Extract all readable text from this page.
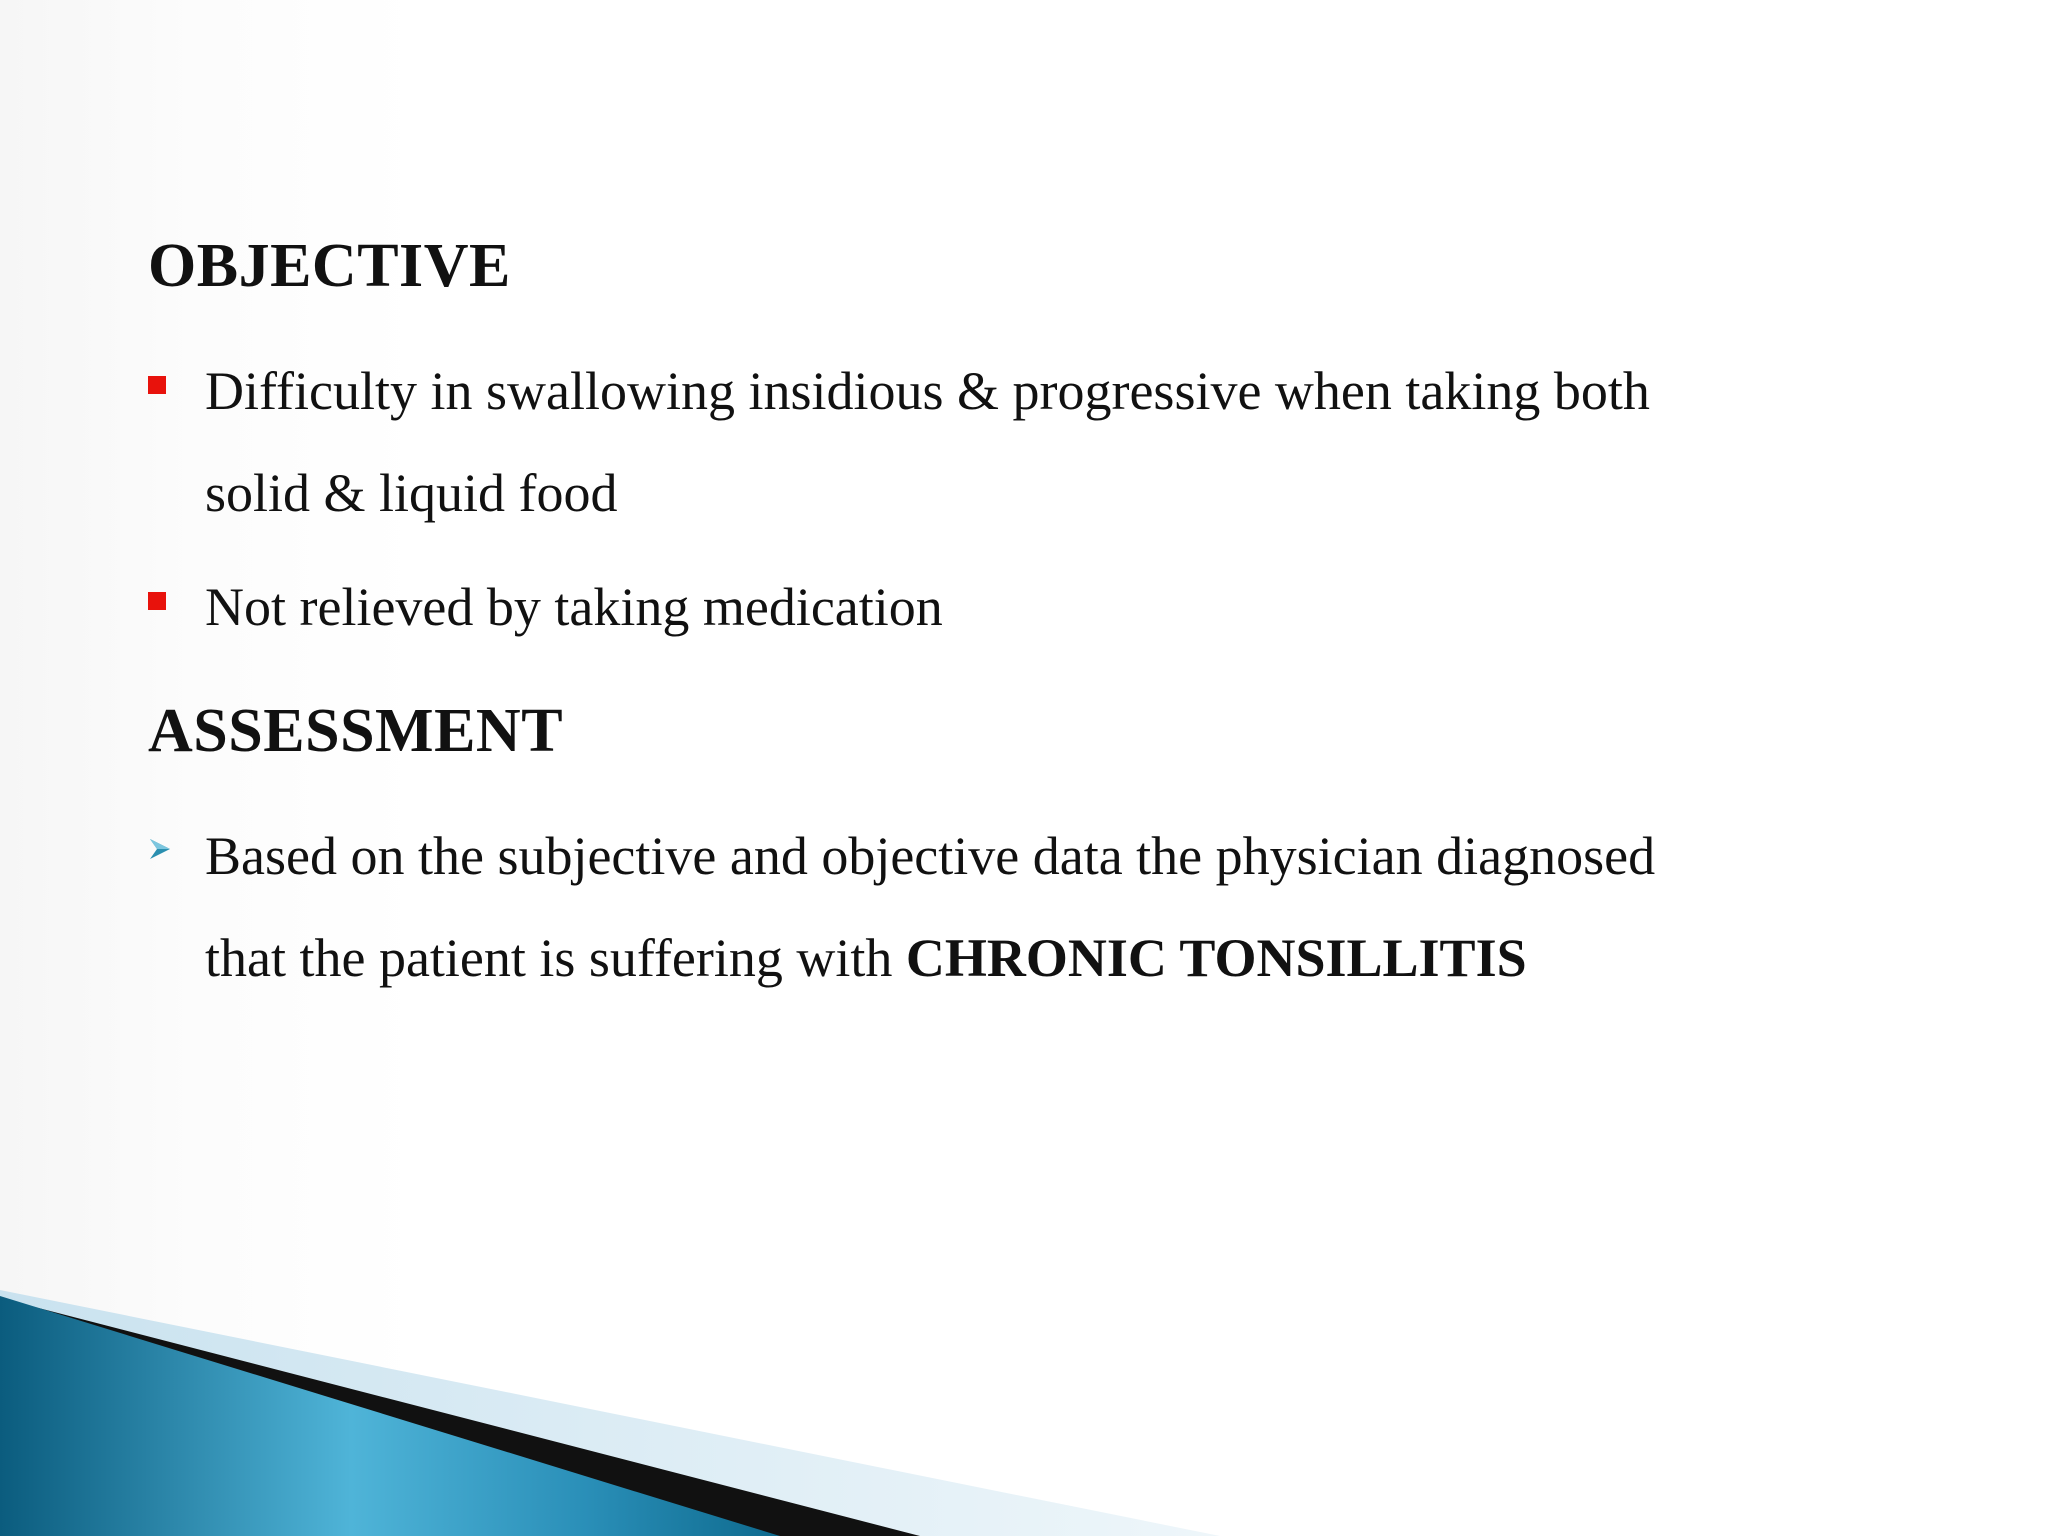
OBJECTIVE

Difficulty in swallowing insidious & progressive when taking both
solid & liquid food

Not relieved by taking medication

ASSESSMENT

Based on the subjective and objective data the physician diagnosed
that the patient is suffering with CHRONIC TONSILLITIS
